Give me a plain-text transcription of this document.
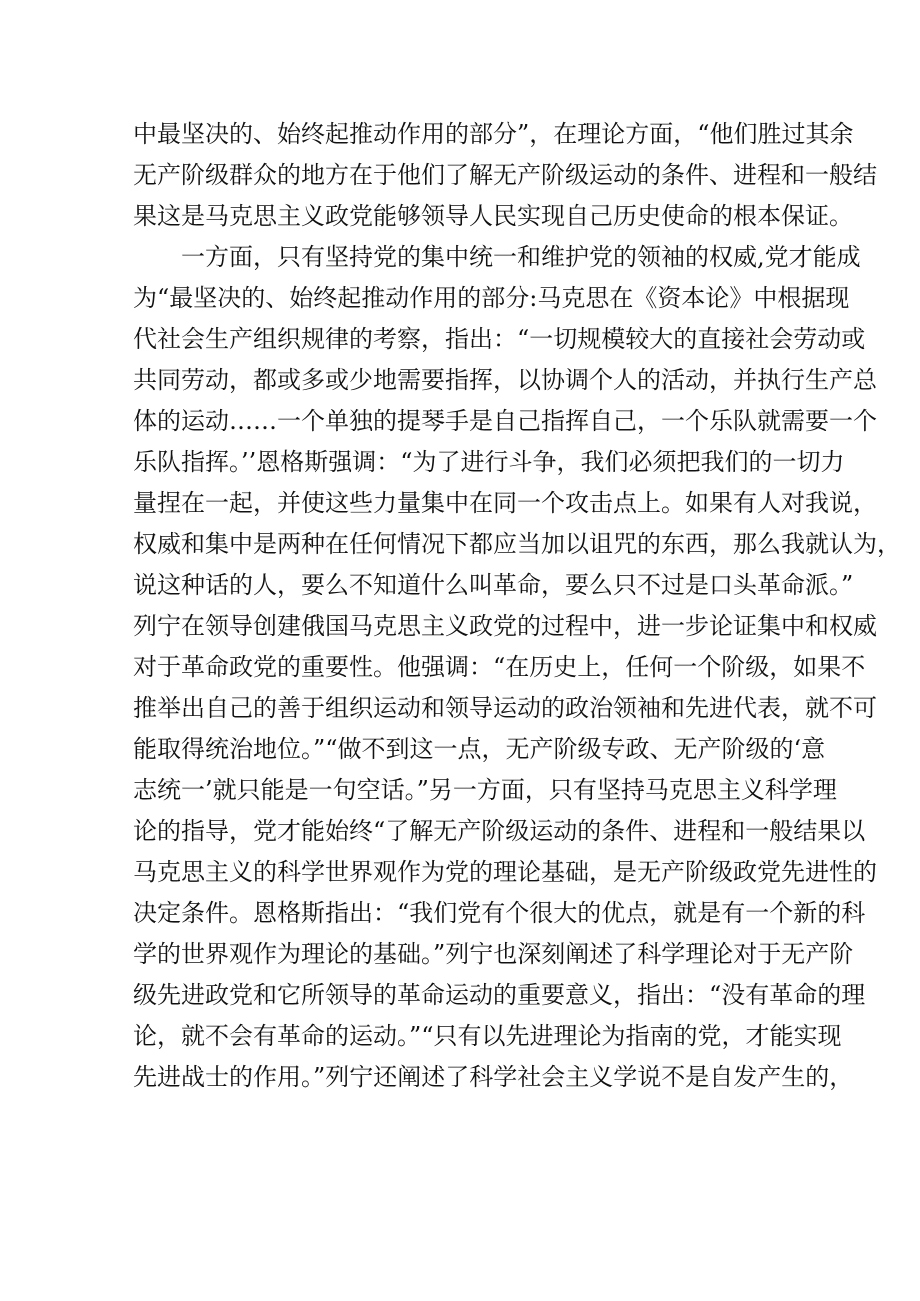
中最坚决的、始终起推动作用的部分”，在理论方面，“他们胜过其余
无产阶级群众的地方在于他们了解无产阶级运动的条件、进程和一般结
果这是马克思主义政党能够领导人民实现自己历史使命的根本保证。
一方面，只有坚持党的集中统一和维护党的领袖的权威,党才能成
为“最坚决的、始终起推动作用的部分:马克思在《资本论》中根据现
代社会生产组织规律的考察，指出：“一切规模较大的直接社会劳动或
共同劳动，都或多或少地需要指挥，以协调个人的活动，并执行生产总
体的运动……一个单独的提琴手是自己指挥自己，一个乐队就需要一个
乐队指挥。’’恩格斯强调：“为了进行斗争，我们必须把我们的一切力
量捏在一起，并使这些力量集中在同一个攻击点上。如果有人对我说，
权威和集中是两种在任何情况下都应当加以诅咒的东西，那么我就认为，
说这种话的人，要么不知道什么叫革命，要么只不过是口头革命派。”
列宁在领导创建俄国马克思主义政党的过程中，进一步论证集中和权威
对于革命政党的重要性。他强调：“在历史上，任何一个阶级，如果不
推举出自己的善于组织运动和领导运动的政治领袖和先进代表，就不可
能取得统治地位。”“做不到这一点，无产阶级专政、无产阶级的‘意
志统一’就只能是一句空话。”另一方面，只有坚持马克思主义科学理
论的指导，党才能始终“了解无产阶级运动的条件、进程和一般结果以
马克思主义的科学世界观作为党的理论基础，是无产阶级政党先进性的
决定条件。恩格斯指出：“我们党有个很大的优点，就是有一个新的科
学的世界观作为理论的基础。”列宁也深刻阐述了科学理论对于无产阶
级先进政党和它所领导的革命运动的重要意义，指出：“没有革命的理
论，就不会有革命的运动。”“只有以先进理论为指南的党，才能实现
先进战士的作用。”列宁还阐述了科学社会主义学说不是自发产生的，
